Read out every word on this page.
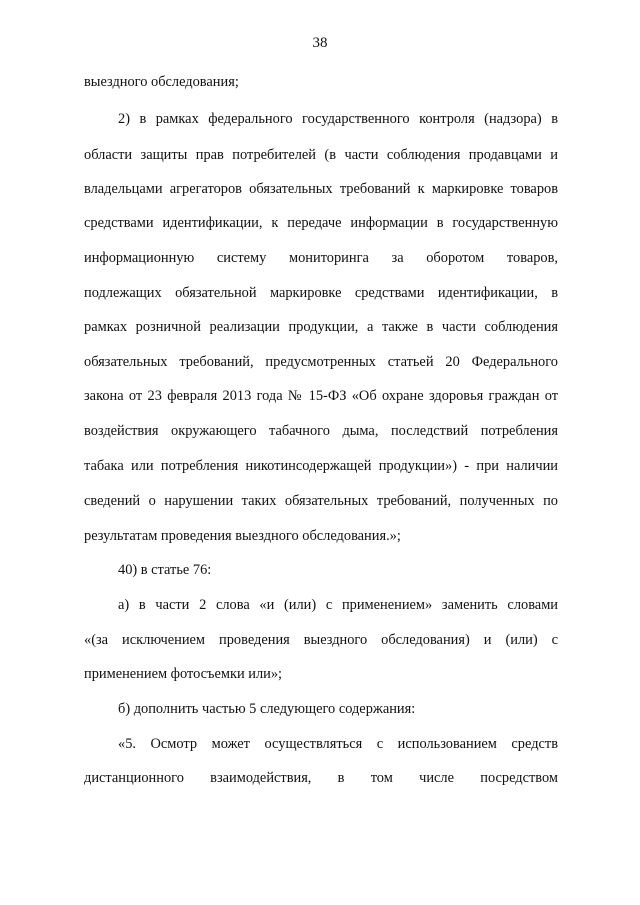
38
выездного обследования;
2) в рамках федерального государственного контроля (надзора) в
области защиты прав потребителей (в части соблюдения продавцами и
владельцами агрегаторов обязательных требований к маркировке товаров
средствами идентификации, к передаче информации в государственную
информационную систему мониторинга за оборотом товаров,
подлежащих обязательной маркировке средствами идентификации, в
рамках розничной реализации продукции, а также в части соблюдения
обязательных требований, предусмотренных статьей 20 Федерального
закона от 23 февраля 2013 года № 15-ФЗ «Об охране здоровья граждан от
воздействия окружающего табачного дыма, последствий потребления
табака или потребления никотинсодержащей продукции») - при наличии
сведений о нарушении таких обязательных требований, полученных по
результатам проведения выездного обследования.»;
40) в статье 76:
а) в части 2 слова «и (или) с применением» заменить словами
«(за исключением проведения выездного обследования) и (или) с
применением фотосъемки или»;
б) дополнить частью 5 следующего содержания:
«5. Осмотр может осуществляться с использованием средств
дистанционного взаимодействия, в том числе посредством
